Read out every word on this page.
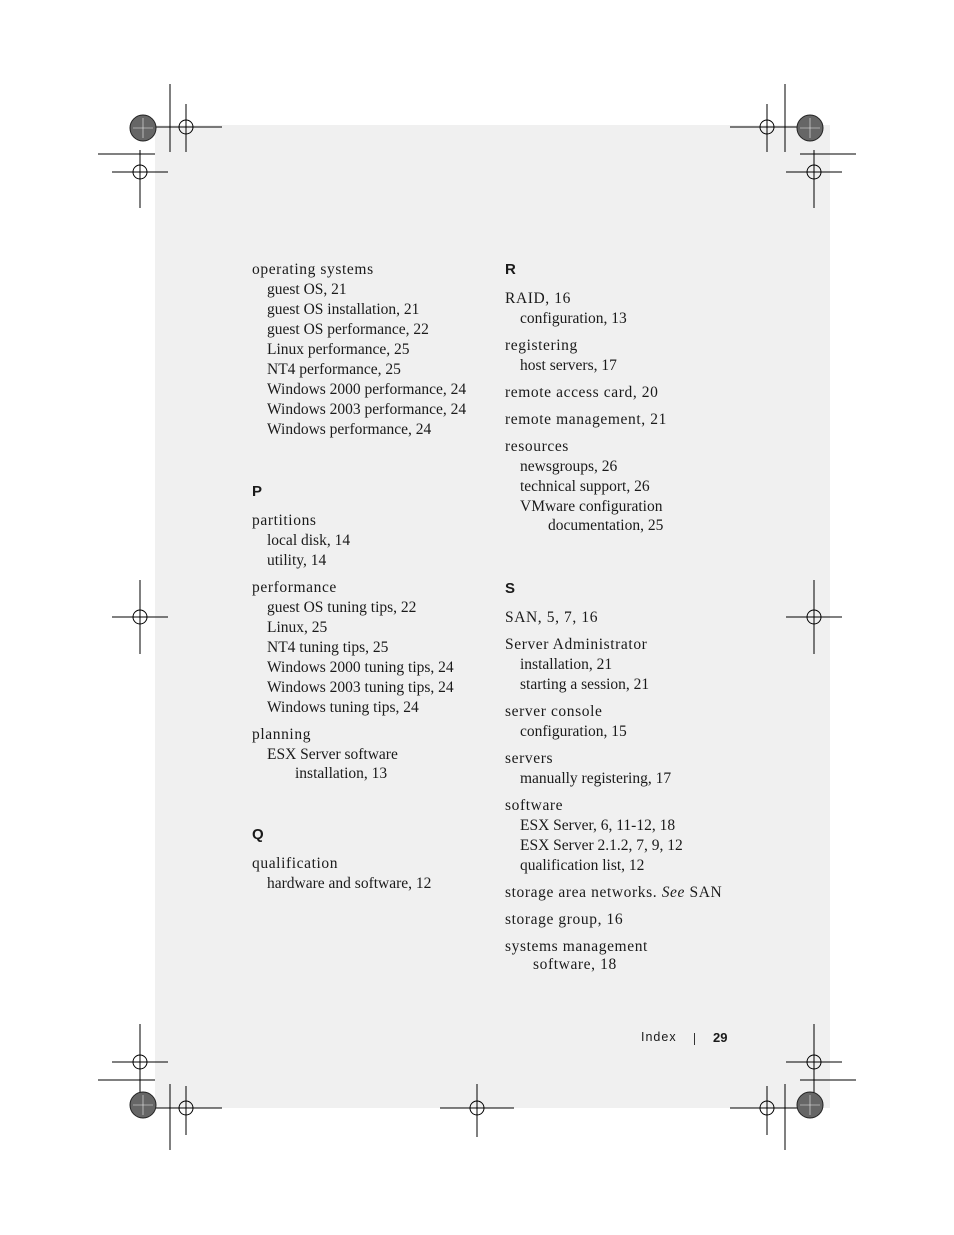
operating systems
guest OS, 21
guest OS installation, 21
guest OS performance, 22
Linux performance, 25
NT4 performance, 25
Windows 2000 performance, 24
Windows 2003 performance, 24
Windows performance, 24
P
partitions
local disk, 14
utility, 14
performance
guest OS tuning tips, 22
Linux, 25
NT4 tuning tips, 25
Windows 2000 tuning tips, 24
Windows 2003 tuning tips, 24
Windows tuning tips, 24
planning
ESX Server software
installation, 13
Q
qualification
hardware and software, 12
R
RAID, 16
configuration, 13
registering
host servers, 17
remote access card, 20
remote management, 21
resources
newsgroups, 26
technical support, 26
VMware configuration
documentation, 25
S
SAN, 5, 7, 16
Server Administrator
installation, 21
starting a session, 21
server console
configuration, 15
servers
manually registering, 17
software
ESX Server, 6, 11-12, 18
ESX Server 2.1.2, 7, 9, 12
qualification list, 12
storage area networks. See SAN
storage group, 16
systems management
software, 18
Index	29
